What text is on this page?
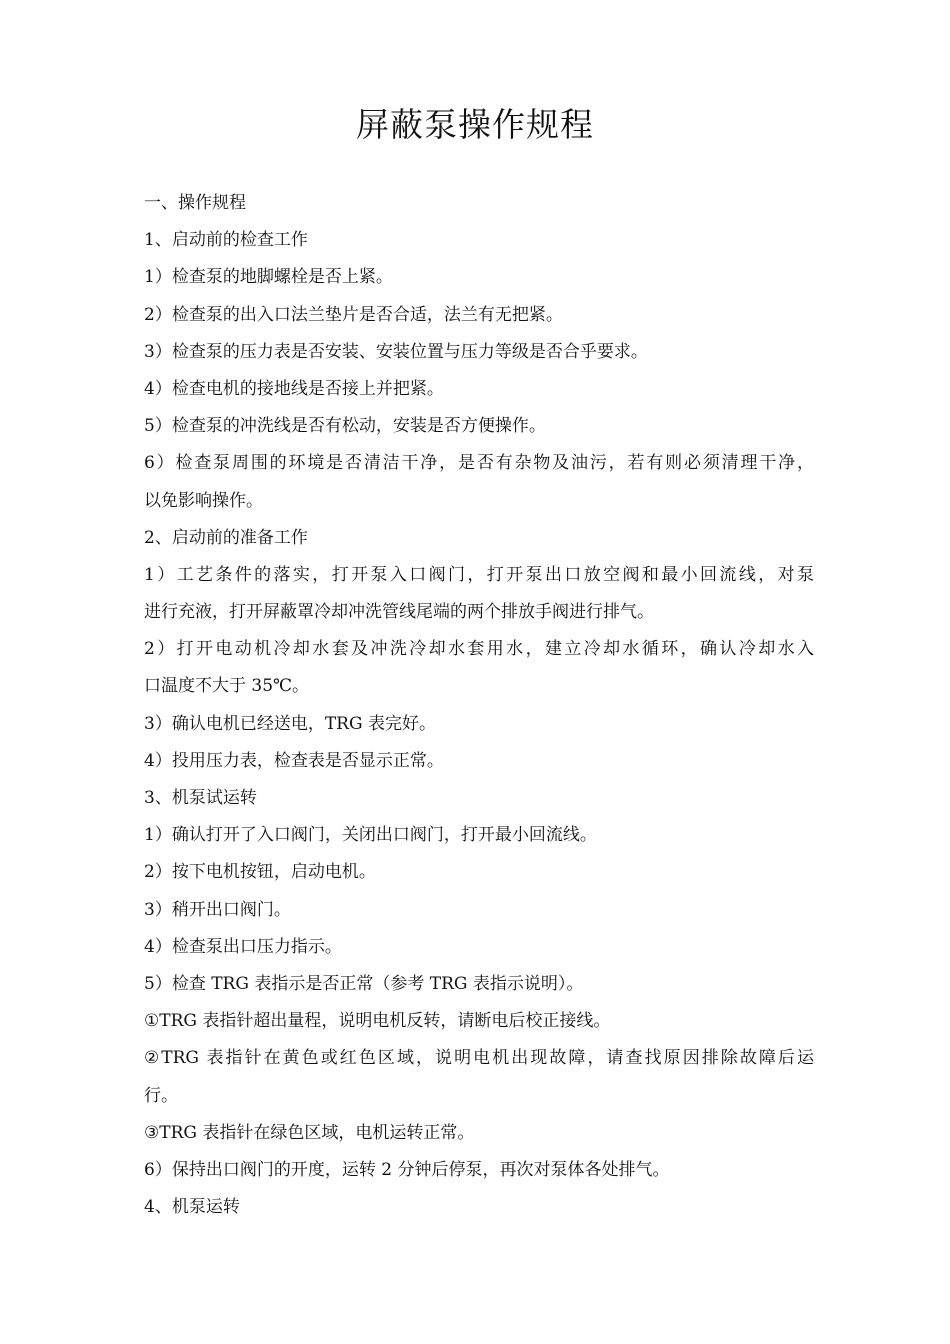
屏蔽泵操作规程

一、操作规程

1、启动前的检查工作

1）检查泵的地脚螺栓是否上紧。

2）检查泵的出入口法兰垫片是否合适，法兰有无把紧。

3）检查泵的压力表是否安装、安装位置与压力等级是否合乎要求。

4）检查电机的接地线是否接上并把紧。

5）检查泵的冲洗线是否有松动，安装是否方便操作。

6）检查泵周围的环境是否清洁干净，是否有杂物及油污，若有则必须清理干净，

以免影响操作。

2、启动前的准备工作

1）工艺条件的落实，打开泵入口阀门，打开泵出口放空阀和最小回流线，对泵

进行充液，打开屏蔽罩冷却冲洗管线尾端的两个排放手阀进行排气。

2）打开电动机冷却水套及冲洗冷却水套用水，建立冷却水循环，确认冷却水入

口温度不大于 35℃。

3）确认电机已经送电，TRG 表完好。

4）投用压力表，检查表是否显示正常。

3、机泵试运转

1）确认打开了入口阀门，关闭出口阀门，打开最小回流线。

2）按下电机按钮，启动电机。

3）稍开出口阀门。

4）检查泵出口压力指示。

5）检查 TRG 表指示是否正常（参考 TRG 表指示说明）。

①TRG 表指针超出量程，说明电机反转，请断电后校正接线。

②TRG 表指针在黄色或红色区域，说明电机出现故障，请查找原因排除故障后运

行。

③TRG 表指针在绿色区域，电机运转正常。

6）保持出口阀门的开度，运转 2 分钟后停泵，再次对泵体各处排气。

4、机泵运转
